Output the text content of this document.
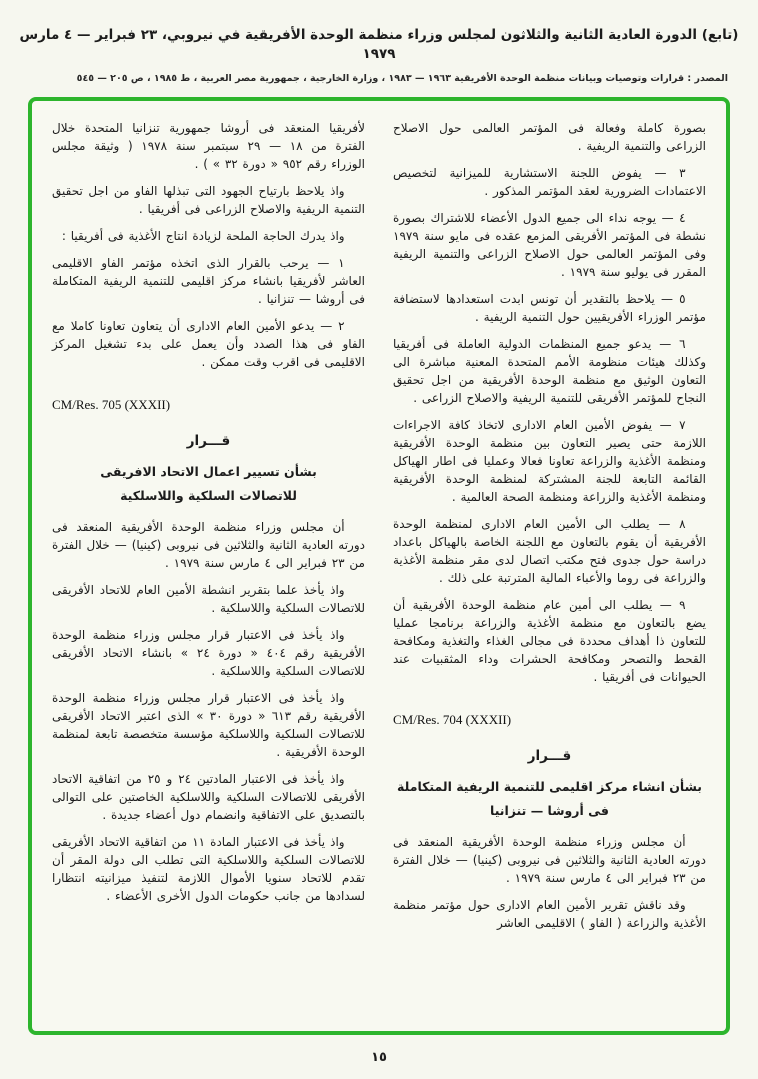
(تابع) الدورة العادية الثانية والثلاثون لمجلس وزراء منظمة الوحدة الأفريقية في نيروبي، ٢٣ فبراير — ٤ مارس ١٩٧٩
المصدر : قرارات وتوصيات وبيانات منظمة الوحدة الأفريقية ١٩٦٣ — ١٩٨٣ ، وزارة الخارجية ، جمهورية مصر العربية ، ط ١٩٨٥ ، ص ٢٠٥ — ٥٤٥

بصورة كاملة وفعالة فى المؤتمر العالمى حول الاصلاح الزراعى والتنمية الريفية .

٣ — يفوض اللجنة الاستشارية للميزانية لتخصيص الاعتمادات الضرورية لعقد المؤتمر المذكور .

٤ — يوجه نداء الى جميع الدول الأعضاء للاشتراك بصورة نشطة فى المؤتمر الأفريقى المزمع عقده فى مايو سنة ١٩٧٩ وفى المؤتمر العالمى حول الاصلاح الزراعى والتنمية الريفية المقرر فى يوليو سنة ١٩٧٩ .

٥ — يلاحظ بالتقدير أن تونس ابدت استعدادها لاستضافة مؤتمر الوزراء الأفريقيين حول التنمية الريفية .

٦ — يدعو جميع المنظمات الدولية العاملة فى أفريقيا وكذلك هيئات منظومة الأمم المتحدة المعنية مباشرة الى التعاون الوثيق مع منظمة الوحدة الأفريقية من اجل تحقيق النجاح للمؤتمر الأفريقى للتنمية الريفية والاصلاح الزراعى .

٧ — يفوض الأمين العام الادارى لاتخاذ كافة الاجراءات اللازمة حتى يصير التعاون بين منظمة الوحدة الأفريقية ومنظمة الأغذية والزراعة تعاونا فعالا وعمليا فى اطار الهياكل القائمة التابعة للجنة المشتركة لمنظمة الوحدة الأفريقية ومنظمة الأغذية والزراعة ومنظمة الصحة العالمية .

٨ — يطلب الى الأمين العام الادارى لمنظمة الوحدة الأفريقية أن يقوم بالتعاون مع اللجنة الخاصة بالهياكل باعداد دراسة حول جدوى فتح مكتب اتصال لدى مقر منظمة الأغذية والزراعة فى روما والأعباء المالية المترتبة على ذلك .

٩ — يطلب الى أمين عام منظمة الوحدة الأفريقية أن يضع بالتعاون مع منظمة الأغذية والزراعة برنامجا عمليا للتعاون ذا أهداف محددة فى مجالى الغذاء والتغذية ومكافحة القحط والتصحر ومكافحة الحشرات وداء المثقبيات عند الحيوانات فى أفريقيا .

CM/Res. 704 (XXXII)

قـــرار

بشأن انشاء مركز اقليمى للتنمية الريفية المتكاملة

فى أروشا — تنزانيا

أن مجلس وزراء منظمة الوحدة الأفريقية المنعقد فى دورته العادية الثانية والثلاثين فى نيروبى (كينيا) — خلال الفترة من ٢٣ فبراير الى ٤ مارس سنة ١٩٧٩ .

وقد ناقش تقرير الأمين العام الادارى حول مؤتمر منظمة الأغذية والزراعة ( الفاو ) الاقليمى العاشر

لأفريقيا المنعقد فى أروشا جمهورية تنزانيا المتحدة خلال الفترة من ١٨ — ٢٩ سبتمبر سنة ١٩٧٨ ( وثيقة مجلس الوزراء رقم ٩٥٢ « دورة ٣٢ » ) .

واذ يلاحظ بارتياح الجهود التى تبذلها الفاو من اجل تحقيق التنمية الريفية والاصلاح الزراعى فى أفريقيا .

واذ يدرك الحاجة الملحة لزيادة انتاج الأغذية فى أفريقيا :

١ — يرحب بالقرار الذى اتخذه مؤتمر الفاو الاقليمى العاشر لأفريقيا بانشاء مركز اقليمى للتنمية الريفية المتكاملة فى أروشا — تنزانيا .

٢ — يدعو الأمين العام الادارى أن يتعاون تعاونا كاملا مع الفاو فى هذا الصدد وأن يعمل على بدء تشغيل المركز الاقليمى فى اقرب وقت ممكن .

CM/Res. 705 (XXXII)

قـــرار

بشأن تسيير اعمال الاتحاد الافريقى

للاتصالات السلكية واللاسلكية

أن مجلس وزراء منظمة الوحدة الأفريقية المنعقد فى دورته العادية الثانية والثلاثين فى نيروبى (كينيا) — خلال الفترة من ٢٣ فبراير الى ٤ مارس سنة ١٩٧٩ .

واذ يأخذ علما بتقرير انشطة الأمين العام للاتحاد الأفريقى للاتصالات السلكية واللاسلكية .

واذ يأخذ فى الاعتبار قرار مجلس وزراء منظمة الوحدة الأفريقية رقم ٤٠٤ « دورة ٢٤ » بانشاء الاتحاد الأفريقى للاتصالات السلكية واللاسلكية .

واذ يأخذ فى الاعتبار قرار مجلس وزراء منظمة الوحدة الأفريقية رقم ٦١٣ « دورة ٣٠ » الذى اعتبر الاتحاد الأفريقى للاتصالات السلكية واللاسلكية مؤسسة متخصصة تابعة لمنظمة الوحدة الأفريقية .

واذ يأخذ فى الاعتبار المادتين ٢٤ و ٢٥ من اتفاقية الاتحاد الأفريقى للاتصالات السلكية واللاسلكية الخاصتين على التوالى بالتصديق على الاتفاقية وانضمام دول أعضاء جديدة .

واذ يأخذ فى الاعتبار المادة ١١ من اتفاقية الاتحاد الأفريقى للاتصالات السلكية واللاسلكية التى تطلب الى دولة المقر أن تقدم للاتحاد سنويا الأموال اللازمة لتنفيذ ميزانيته انتظارا لسدادها من جانب حكومات الدول الأخرى الأعضاء .

١٥
